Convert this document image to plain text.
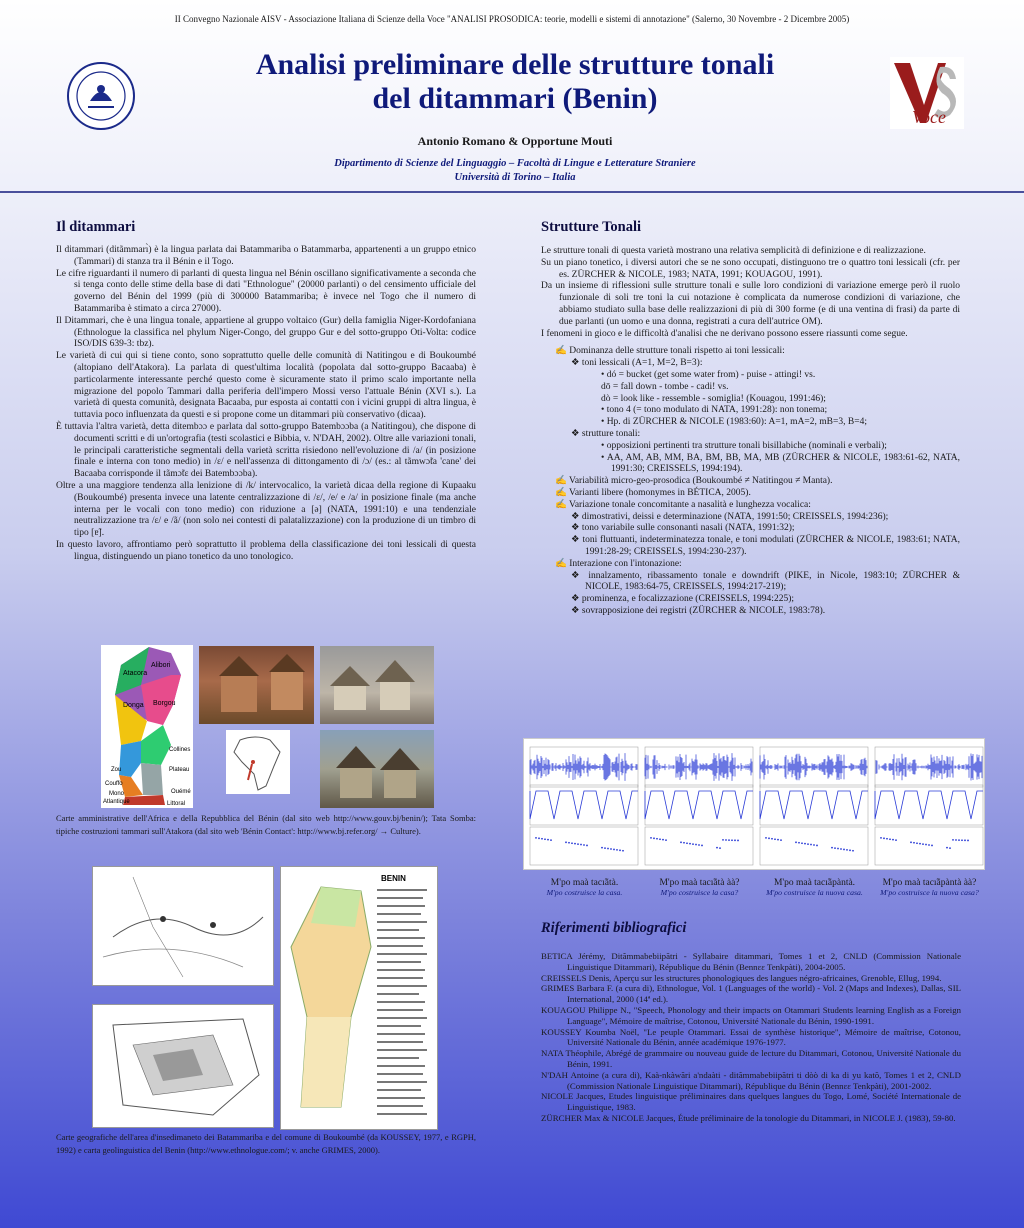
II Convegno Nazionale AISV - Associazione Italiana di Scienze della Voce "ANALISI PROSODICA: teorie, modelli e sistemi di annotazione" (Salerno, 30 Novembre - 2 Dicembre 2005)
Analisi preliminare delle strutture tonali
del ditammari (Benin)
Voce
Antonio Romano & Opportune Mouti
Dipartimento di Scienze del Linguaggio – Facoltà di Lingue e Letterature Straniere
Università di Torino – Italia
Il ditammari

Il ditammari (ditãmmarı̀) è la lingua parlata dai Batammariba o Batammarba, appartenenti a un gruppo etnico (Tammari) di stanza tra il Bénin e il Togo.

Le cifre riguardanti il numero di parlanti di questa lingua nel Bénin oscillano significativamente a seconda che si tenga conto delle stime della base di dati "Ethnologue" (20000 parlanti) o del censimento ufficiale del governo del Bénin del 1999 (più di 300000 Batammariba; è invece nel Togo che il numero di Batammariba è stimato a circa 27000).

Il Ditammari, che è una lingua tonale, appartiene al gruppo voltaico (Gur) della famiglia Niger-Kordofaniana (Ethnologue la classifica nel phylum Niger-Congo, del gruppo Gur e del sotto-gruppo Oti-Volta: codice ISO/DIS 639-3: tbz).

Le varietà di cui qui si tiene conto, sono soprattutto quelle delle comunità di Natitingou e di Boukoumbé (altopiano dell'Atakora). La parlata di quest'ultima località (popolata dal sotto-gruppo Bacaaba) è particolarmente interessante perché questo come è sicuramente stato il primo scalo importante nella migrazione del popolo Tammari dalla periferia dell'impero Mossi verso l'attuale Bénin (XVI s.). La varietà di questa comunità, designata Bacaaba, pur esposta ai contatti con i vicini gruppi di altra lingua, è tuttavia poco influenzata da questi e si propone come un ditammari più conservativo (dicaa).

È tuttavia l'altra varietà, detta ditembɔɔ e parlata dal sotto-gruppo Batembɔɔba (a Natitingou), che dispone di documenti scritti e di un'ortografia (testi scolastici e Bibbia, v. N'DAH, 2002). Oltre alle variazioni tonali, le principali caratteristiche segmentali della varietà scritta risiedono nell'evoluzione di /a/ (in posizione finale e interna con tono medio) in /ɛ/ e nell'assenza di dittongamento di /ɔ/ (es.: al tãmwɔ̃ta 'cane' dei Bacaaba corrisponde il tãmɔ̃tɛ dei Batembɔɔba).

Oltre a una maggiore tendenza alla lenizione di /k/ intervocalico, la varietà dicaa della regione di Kupaaku (Boukoumbé) presenta invece una latente centralizzazione di /ɛ/, /e/ e /a/ in posizione finale (ma anche interna per le vocali con tono medio) con riduzione a [ə] (NATA, 1991:10) e una tendenziale neutralizzazione tra /ɛ/ e /ã/ (non solo nei contesti di palatalizzazione) con la produzione di un timbro di tipo [ɐ̃].

In questo lavoro, affrontiamo però soprattutto il problema della classificazione dei toni lessicali di questa lingua, distinguendo un piano tonetico da uno tonologico.

Atacora
Donga Borgou
Alibori
Zou
Collines
Couffo
Mono
Atlantique
Plateau
Ouémé
Littoral
Carte amministrative dell'Africa e della Repubblica del Bénin (dal sito web http://www.gouv.bj/benin/); Tata Somba: tipiche costruzioni tammari sull'Atakora (dal sito web 'Bénin Contact': http://www.bj.refer.org/ → Culture).
BENIN
Carte geografiche dell'area d'insedimaneto dei Batammariba e del comune di Boukoumbé (da KOUSSEY, 1977, e RGPH, 1992) e carta geolinguistica del Benin (http://www.ethnologue.com/; v. anche GRIMES, 2000).
Strutture Tonali

Le strutture tonali di questa varietà mostrano una relativa semplicità di definizione e di realizzazione.

Su un piano tonetico, i diversi autori che se ne sono occupati, distinguono tre o quattro toni lessicali (cfr. per es. ZÜRCHER & NICOLE, 1983; NATA, 1991; KOUAGOU, 1991).

Da un insieme di riflessioni sulle strutture tonali e sulle loro condizioni di variazione emerge però il ruolo funzionale di soli tre toni la cui notazione è complicata da numerose condizioni di variazione, che abbiamo studiato sulla base delle realizzazioni di più di 300 forme (e di una ventina di frasi) da parte di due parlanti (un uomo e una donna, registrati a cura dell'autrice OM).

I fenomeni in gioco e le difficoltà d'analisi che ne derivano possono essere riassunti come segue.

✍ Dominanza delle strutture tonali rispetto ai toni lessicali:

❖ toni lessicali (A=1, M=2, B=3):

• dó = bucket (get some water from) - puise - attingi! vs.

dō = fall down - tombe - cadi! vs.

dò = look like - ressemble - somiglia! (Kouagou, 1991:46);

• tono 4 (= tono modulato di NATA, 1991:28): non tonema;

• Hp. di ZÜRCHER & NICOLE (1983:60): A=1, mA=2, mB=3, B=4;

❖ strutture tonali:

• opposizioni pertinenti tra strutture tonali bisillabiche (nominali e verbali);

• AA, AM, AB, MM, BA, BM, BB, MA, MB (ZÜRCHER & NICOLE, 1983:61-62, NATA, 1991:30; CREISSELS, 1994:194).

✍ Variabilità micro-geo-prosodica (Boukoumbé ≠ Natitingou ≠ Manta).

✍ Varianti libere (homonymes in BÉTICA, 2005).

✍ Variazione tonale concomitante a nasalità e lunghezza vocalica:

❖ dimostrativi, deissi e determinazione (NATA, 1991:50; CREISSELS, 1994:236);

❖ tono variabile sulle consonanti nasali (NATA, 1991:32);

❖ toni fluttuanti, indeterminatezza tonale, e toni modulati (ZÜRCHER & NICOLE, 1983:61; NATA, 1991:28-29; CREISSELS, 1994:230-237).

✍ Interazione con l'intonazione:

❖ innalzamento, ribassamento tonale e downdrift (PIKE, in Nicole, 1983:10; ZÜRCHER & NICOLE, 1983:64-75, CREISSELS, 1994:217-219);

❖ prominenza, e focalizzazione (CREISSELS, 1994:225);

❖ sovrapposizione dei registri (ZÜRCHER & NICOLE, 1983:78).

M'po maà tacı̃ãtà.
M'po costruisce la casa.
M'po maà tacı̃ãtà àà?
M'po costruisce la casa?
M'po maà tacı̃ãpàntà.
M'po costruisce la nuova casa.
M'po maà tacı̃ãpàntà àà?
M'po costruisce la nuova casa?
Riferimenti bibliografici

BETICA Jérémy, Ditãmmabebiipãtri - Syllabaire ditammari, Tomes 1 et 2, CNLD (Commission Nationale Linguistique Ditammari), République du Bénin (Bennɛɛ Tenkpàti), 2004-2005.

CREISSELS Denis, Aperçu sur les structures phonologiques des langues négro-africaines, Grenoble, Ellug, 1994.

GRIMES Barbara F. (a cura di), Ethnologue, Vol. 1 (Languages of the world) - Vol. 2 (Maps and Indexes), Dallas, SIL International, 2000 (14ª ed.).

KOUAGOU Philippe N., "Speech, Phonology and their impacts on Otammari Students learning English as a Foreign Language", Mémoire de maîtrise, Cotonou, Université Nationale du Bénin, 1990-1991.

KOUSSEY Koumba Noël, "Le peuple Otammari. Essai de synthèse historique", Mémoire de maîtrise, Cotonou, Université Nationale du Bénin, année académique 1976-1977.

NATA Théophile, Abrégé de grammaire ou nouveau guide de lecture du Ditammari, Cotonou, Université Nationale du Bénin, 1991.

N'DAH Antoine (a cura di), Kaà-nkàwãri a'ndaàti - ditãmmabebiipãtri ti dòò di ka di yu katõ, Tomes 1 et 2, CNLD (Commission Nationale Linguistique Ditammari), République du Bénin (Bennɛɛ Tenkpàti), 2001-2002.

NICOLE Jacques, Etudes linguistique préliminaires dans quelques langues du Togo, Lomé, Société Internationale de Linguistique, 1983.

ZÜRCHER Max & NICOLE Jacques, Étude préliminaire de la tonologie du Ditammari, in NICOLE J. (1983), 59-80.
